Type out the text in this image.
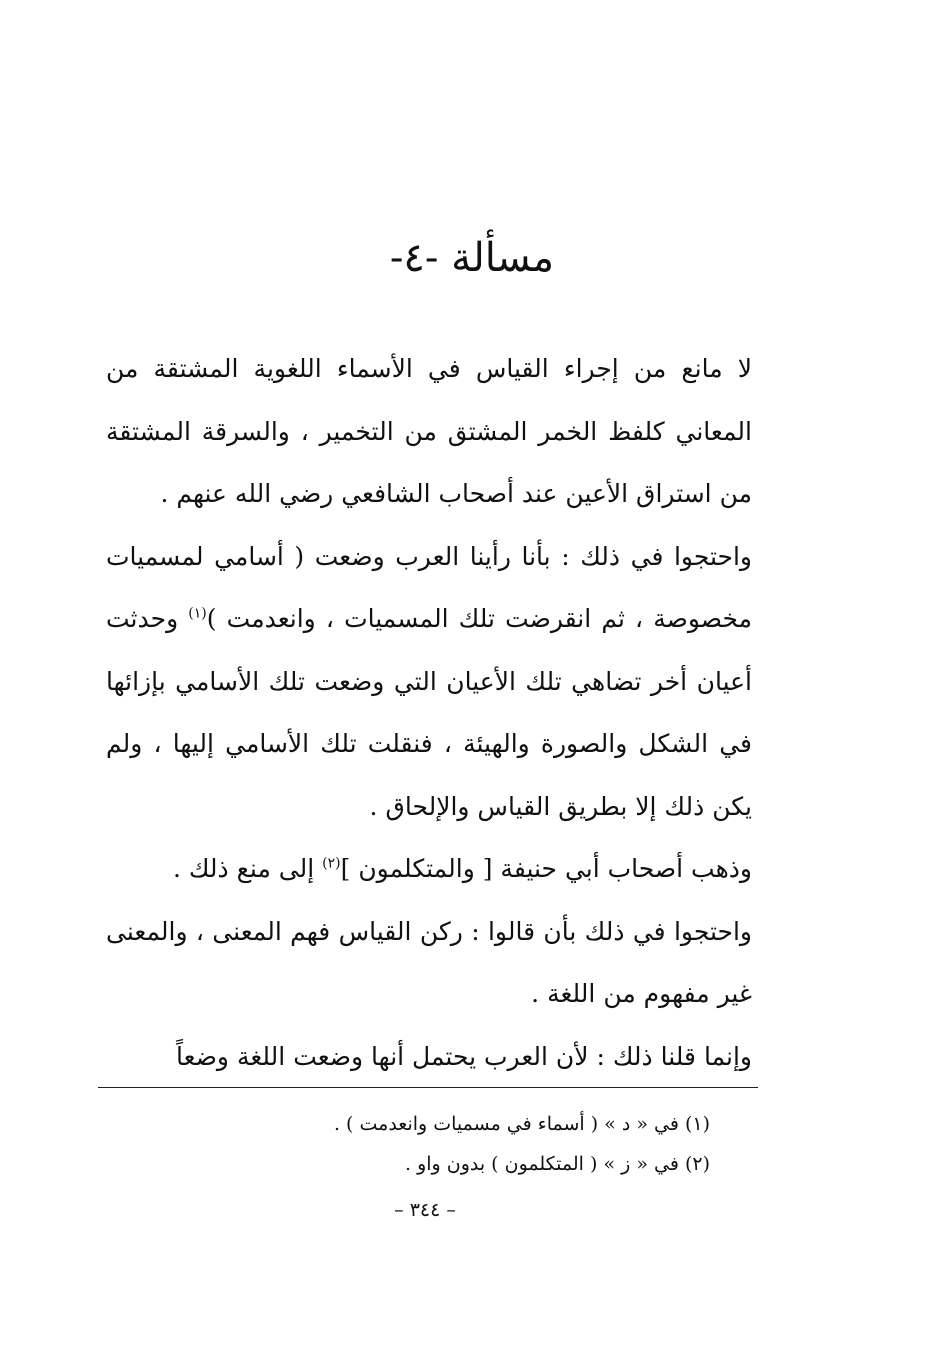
مسألة -٤-

لا مانع من إجراء القياس في الأسماء اللغوية المشتقة من المعاني كلفظ الخمر المشتق من التخمير ، والسرقة المشتقة من استراق الأعين عند أصحاب الشافعي رضي الله عنهم .

واحتجوا في ذلك : بأنا رأينا العرب وضعت ( أسامي لمسميات مخصوصة ، ثم انقرضت تلك المسميات ، وانعدمت )$^{(١)}$ وحدثت أعيان أخر تضاهي تلك الأعيان التي وضعت تلك الأسامي بإزائها في الشكل والصورة والهيئة ، فنقلت تلك الأسامي إليها ، ولم يكن ذلك إلا بطريق القياس والإلحاق .

وذهب أصحاب أبي حنيفة [ والمتكلمون ]$^{(٢)}$ إلى منع ذلك .

واحتجوا في ذلك بأن قالوا : ركن القياس فهم المعنى ، والمعنى غير مفهوم من اللغة .

وإنما قلنا ذلك : لأن العرب يحتمل أنها وضعت اللغة وضعاً

(١) في « د » ( أسماء في مسميات وانعدمت ) .

(٢) في « ز » ( المتكلمون ) بدون واو .

– ٣٤٤ –
